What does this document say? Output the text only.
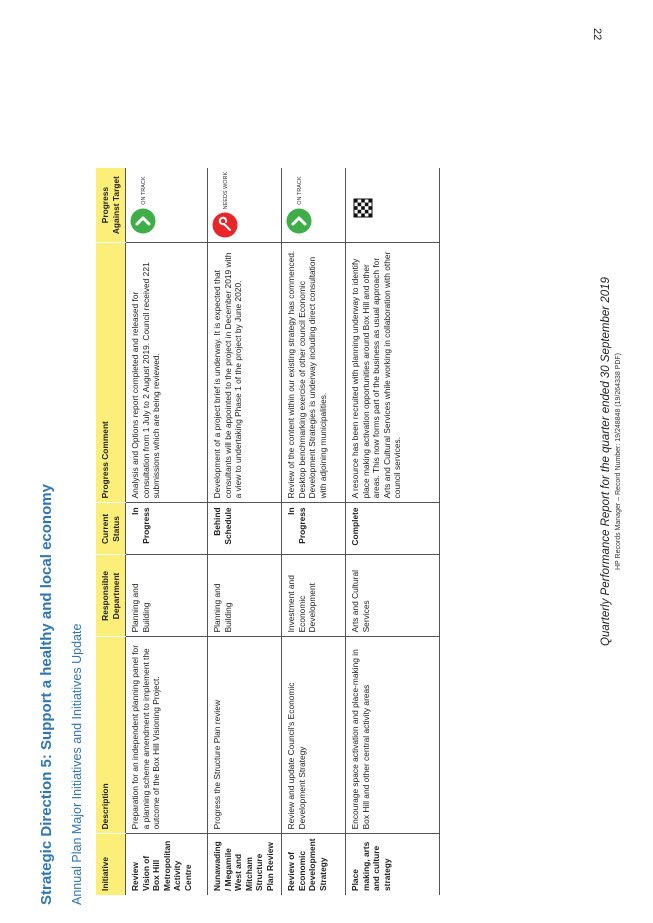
22
Strategic Direction 5: Support a healthy and local economy Annual Plan Major Initiatives and Initiatives Update Initiative	Description	Responsible Department	Current Status	Progress Comment	Progress Against Target
Review Vision of Box Hill Metropolitan Activity Centre	Preparation for an independent planning panel for a planning scheme amendment to implement the outcome of the Box Hill Visioning Project.	Planning and Building	In Progress	Analysis and Options report completed and released for consultation from 1 July to 2 August 2019. Council received 221 submissions which are being reviewed.	ON TRACK

Nunawading / Megamile West and Mitcham Structure Plan Review	Progress the Structure Plan review	Planning and Building	Behind Schedule	Development of a project brief is underway. It is expected that consultants will be appointed to the project in December 2019 with a view to undertaking Phase 1 of the project by June 2020.	NEEDS WORK

Review of Economic Development Strategy	Review and update Council's Economic Development Strategy	Investment and Economic Development	In Progress	Review of the content within our existing strategy has commenced. Desktop benchmarking exercise of other council Economic Development Strategies is underway including direct consultation with adjoining municipalities.	ON TRACK

Place making, arts and culture strategy	Encourage space activation and place-making in Box Hill and other central activity areas	Arts and Cultural Services	Complete	A resource has been recruited with planning underway to identify place making activation opportunities around Box Hill and other areas. This now forms part of the business as usual approach for Arts and Cultural Services while working in collaboration with other council services.		Quarterly Performance Report for the quarter ended 30 September 2019 HP Records Manager – Record Number: 19/248848 (19/264338 PDF)
